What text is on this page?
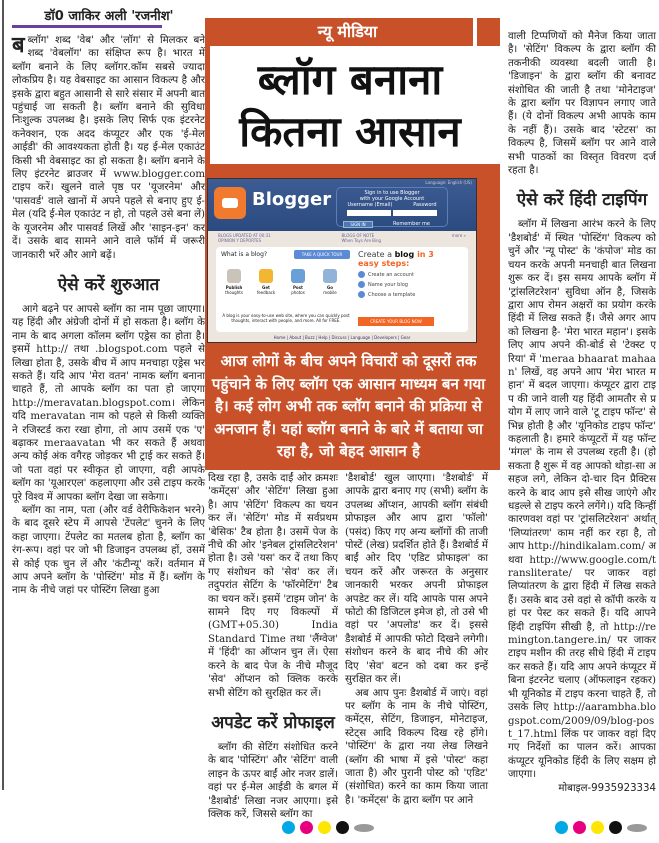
डॉ0 जाकिर अली 'रजनीश'

बब्लॉग' शब्द 'वेब' और 'लॉग' से मिलकर बने शब्द 'वेबलॉग' का संक्षिप्त रूप है। भारत में ब्लॉग बनाने के लिए ब्लॉगर.कॉम सबसे ज्यादा लोकप्रिय है। यह वेबसाइट का आसान विकल्प है और इसके द्वारा बहुत आसानी से सारे संसार में अपनी बात पहुंचाई जा सकती है। ब्लॉग बनाने की सुविधा निःशुल्क उपलब्ध है। इसके लिए सिर्फ एक इंटरनेट कनेक्शन, एक अदद कंप्यूटर और एक 'ई-मेल आईडी' की आवश्यकता होती है। यह ई-मेल एकाउंट किसी भी वेबसाइट का हो सकता है। ब्लॉग बनाने के लिए इंटरनेट ब्राउजर में www.blogger.com टाइप करें। खुलने वाले पृष्ठ पर 'यूजरनेम' और 'पासवर्ड' वाले खानों में अपने पहले से बनाए हुए ई-मेल (यदि ई-मेल एकाउंट न हो, तो पहले उसे बना लें) के यूजरनेम और पासवर्ड लिखें और 'साइन-इन' कर दें। उसके बाद सामने आने वाले फॉर्म में जरूरी जानकारी भरें और आगे बढ़ें।

ऐसे करें शुरुआत

आगे बढ़ने पर आपसे ब्लॉग का नाम पूछा जाएगा। यह हिंदी और अंग्रेजी दोनों में हो सकता है। ब्लॉग के नाम के बाद अगला कॉलम ब्लॉग एड्रेस का होता है। इसमें http:// तथा .blogspot.com पहले से लिखा होता है, उसके बीच में आप मनचाहा एड्रेस भर सकते हैं। यदि आप 'मेरा वतन' नामक ब्लॉग बनाना चाहते हैं, तो आपके ब्लॉग का पता हो जाएगा http://meravatan.blogspot.com। लेकिन यदि meravatan नाम को पहले से किसी व्यक्ति ने रजिस्टर्ड करा रखा होगा, तो आप उसमें एक 'ए' बढ़ाकर meraavatan भी कर सकते हैं अथवा अन्य कोई अंक वगैरह जोड़कर भी ट्राई कर सकते हैं। जो पता वहां पर स्वीकृत हो जाएगा, वही आपके ब्लॉग का 'यूआरएल' कहलाएगा और उसे टाइप करके पूरे विश्व में आपका ब्लॉग देखा जा सकेगा।

ब्लॉग का नाम, पता (और वर्ड वेरीफिकेशन भरने) के बाद दूसरे स्टेप में आपसे 'टेंपलेट' चुनने के लिए कहा जाएगा। टेंपलेट का मतलब होता है, ब्लॉग का रंग-रूप। वहां पर जो भी डिजाइन उपलब्ध हों, उसमें से कोई एक चुन लें और 'कंटीन्यू' करें। वर्तमान में आप अपने ब्लॉग के 'पोस्टिंग' मोड में हैं। ब्लॉग के नाम के नीचे जहां पर पोस्टिंग लिखा हुआ

न्यू मीडिया
ब्लॉग बनाना
कितना आसान
Language: English (US)
Blogger	Sign in to use Blogger
with your Google Account
Username (Email)	Password
SIGN IN	Remember me
BLOGS UPDATED AT 00:31
OPINION Y DEPORTES
BLOGS OF NOTE
When Toys Are Bing
more »
What is a blog?	TAKE A QUICK TOUR
Publish
thoughts
Get
feedback
Post
photos
Go
mobile
A blog is your easy-to-use web site, where you can quickly post thoughts, interact with people, and more. All for FREE.
Create a blog in 3
easy steps:
Create an account
Name your blog
Choose a template
CREATE YOUR BLOG NOW
Home | About | Buzz | Help | Discuss | Language | Developers | Gear
आज लोगों के बीच अपने विचारों को दूसरों तक पहुंचाने के लिए ब्लॉग एक आसान माध्यम बन गया है। कई लोग अभी तक ब्लॉग बनाने की प्रक्रिया से अनजान हैं। यहां ब्लॉग बनाने के बारे में बताया जा रहा है, जो बेहद आसान है

दिख रहा है, उसके दाईं ओर क्रमशः 'कमेंट्स' और 'सेटिंग' लिखा हुआ है। आप 'सेटिंग' विकल्प का चयन कर लें। 'सेटिंग' मोड में सर्वप्रथम 'बेसिक' टैब होता है। उसमें पेज के नीचे की ओर 'इनेबल ट्रांसलिटरेशन' होता है। उसे 'यस' कर दें तथा किए गए संशोधन को 'सेव' कर लें। तदुपरांत सेटिंग के 'फॉरमेटिंग' टैब का चयन करें। इसमें 'टाइम जोन' के सामने दिए गए विकल्पों में (GMT+05.30) India Standard Time तथा 'लैंग्वेज' में 'हिंदी' का ऑप्शन चुन लें। ऐसा करने के बाद पेज के नीचे मौजूद 'सेव' ऑप्शन को क्लिक करके सभी सेटिंग को सुरक्षित कर लें।

अपडेट करें प्रोफाइल

ब्लॉग की सेटिंग संशोधित करने के बाद 'पोस्टिंग' और 'सेटिंग' वाली लाइन के ऊपर बाईं ओर नजर डालें। वहां पर ई-मेल आईडी के बगल में 'डैशबोर्ड' लिखा नजर आएगा। इसे क्लिक करें, जिससे ब्लॉग का

'डैशबोर्ड' खुल जाएगा। 'डैशबोर्ड' में आपके द्वारा बनाए गए (सभी) ब्लॉग के उपलब्ध ऑप्शन, आपकी ब्लॉग संबंधी प्रोफाइल और आप द्वारा 'फॉलो' (पसंद) किए गए अन्य ब्लॉगों की ताजी पोस्टें (लेख) प्रदर्शित होते हैं। डैशबोर्ड में बाईं ओर दिए 'एडिट प्रोफाइल' का चयन करें और जरूरत के अनुसार जानकारी भरकर अपनी प्रोफाइल अपडेट कर लें। यदि आपके पास अपने फोटो की डिजिटल इमेज हो, तो उसे भी वहां पर 'अपलोड' कर दें। इससे डैशबोर्ड में आपकी फोटो दिखने लगेगी। संशोधन करने के बाद नीचे की ओर दिए 'सेव' बटन को दबा कर इन्हें सुरक्षित कर लें।

अब आप पुनः डैशबोर्ड में जाएं। वहां पर ब्लॉग के नाम के नीचे पोस्टिंग, कमेंट्स, सेटिंग, डिजाइन, मोनेटाइज, स्टेट्स आदि विकल्प दिख रहे होंगे। 'पोस्टिंग' के द्वारा नया लेख लिखने (ब्लॉग की भाषा में इसे 'पोस्ट' कहा जाता है) और पुरानी पोस्ट को 'एडिट' (संशोधित) करने का काम किया जाता है। 'कमेंट्स' के द्वारा ब्लॉग पर आने

वाली टिप्पणियों को मैनेज किया जाता है। 'सेटिंग' विकल्प के द्वारा ब्लॉग की तकनीकी व्यवस्था बदली जाती है। 'डिजाइन' के द्वारा ब्लॉग की बनावट संशोधित की जाती है तथा 'मोनेटाइज' के द्वारा ब्लॉग पर विज्ञापन लगाए जाते हैं। (ये दोनों विकल्प अभी आपके काम के नहीं हैं)। उसके बाद 'स्टेटस' का विकल्प है, जिसमें ब्लॉग पर आने वाले सभी पाठकों का विस्तृत विवरण दर्ज रहता है।

ऐसे करें हिंदी टाइपिंग

ब्लॉग में लिखना आरंभ करने के लिए 'डैशबोर्ड' में स्थित 'पोस्टिंग' विकल्प को चुनें और 'न्यू पोस्ट' के 'कंपोज' मोड का चयन करके अपनी मनचाही बात लिखना शुरू कर दें। इस समय आपके ब्लॉग में 'ट्रांसलिटरेशन' सुविधा ऑन है, जिसके द्वारा आप रोमन अक्षरों का प्रयोग करके हिंदी में लिख सकते हैं। जैसे अगर आपको लिखना है- 'मेरा भारत महान'। इसके लिए आप अपने की-बोर्ड से 'टेक्स्ट एरिया' में 'meraa bhaarat mahaan' लिखें, वह अपने आप 'मेरा भारत महान' में बदल जाएगा। कंप्यूटर द्वारा टाइप की जाने वाली यह हिंदी आमतौर से प्रयोग में लाए जाने वाले 'टू टाइप फॉन्ट' से भिन्न होती है और 'यूनिकोड टाइप फॉन्ट' कहलाती है। हमारे कंप्यूटरों में यह फॉन्ट 'मंगल' के नाम से उपलब्ध रहती है। (हो सकता है शुरू में वह आपको थोड़ा-सा असहज लगे, लेकिन दो-चार दिन प्रैक्टिस करने के बाद आप इसे सीख जाएंगे और धड़ल्ले से टाइप करने लगेंगे।) यदि किन्हीं कारणवश वहां पर 'ट्रांसलिटरेशन' अर्थात् 'लिप्यांतरण' काम नहीं कर रहा है, तो आप http://hindikalam.com/ अथवा http://www.google.com/transliterate/ पर जाकर वहां लिप्यांतरण के द्वारा हिंदी में लिख सकते हैं। उसके बाद उसे वहां से कॉपी करके यहां पर पेस्ट कर सकते हैं। यदि आपने हिंदी टाइपिंग सीखी है, तो http://remington.tangere.in/ पर जाकर टाइप मशीन की तरह सीधे हिंदी में टाइप कर सकते हैं। यदि आप अपने कंप्यूटर में बिना इंटरनेट चलाए (ऑफलाइन रहकर) भी यूनिकोड में टाइप करना चाहते हैं, तो उसके लिए http://aarambha.blogspot.com/2009/09/blog-post_17.html लिंक पर जाकर वहां दिए गए निर्देशों का पालन करें। आपका कंप्यूटर यूनिकोड हिंदी के लिए सक्षम हो जाएगा।

मोबाइल-9935923334
